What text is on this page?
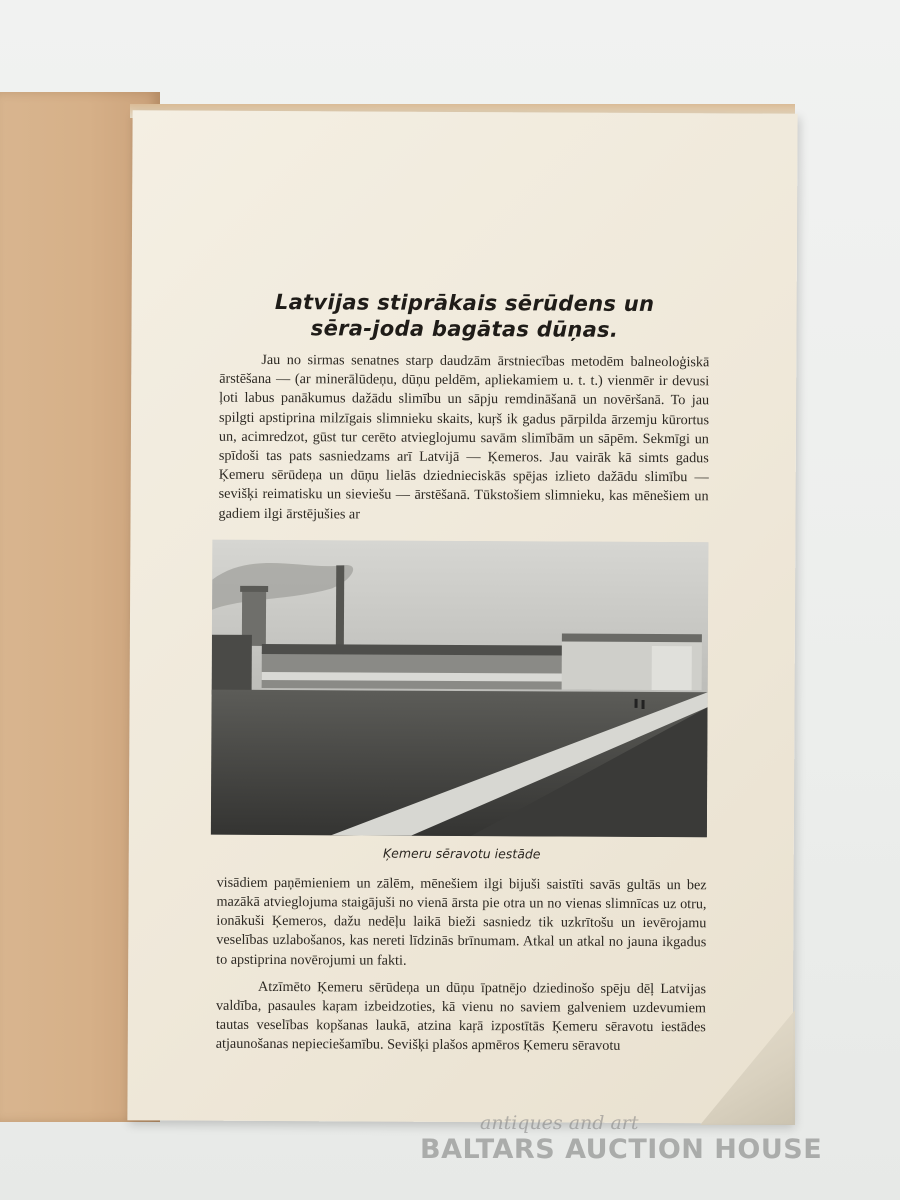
Latvijas stiprākais sērūdens un
sēra-joda bagātas dūņas.

Jau no sirmas senatnes starp daudzām ārstniecības metodēm balneoloģiskā ārstēšana — (ar minerālūdeņu, dūņu peldēm, apliekamiem u. t. t.) vienmēr ir devusi ļoti labus panākumus dažādu slimību un sāpju remdināšanā un novēršanā. To jau spilgti apstiprina milzīgais slimnieku skaits, kuŗš ik gadus pārpilda ārzemju kūrortus un, acimredzot, gūst tur cerēto atvieglojumu savām slimībām un sāpēm. Sekmīgi un spīdoši tas pats sasniedzams arī Latvijā — Ķemeros. Jau vairāk kā simts gadus Ķemeru sērūdeņa un dūņu lielās dziednieciskās spējas izlieto dažādu slimību — sevišķi reimatisku un sieviešu — ārstēšanā. Tūkstošiem slimnieku, kas mēnešiem un gadiem ilgi ārstējušies ar

Ķemeru sēravotu iestāde

visādiem paņēmieniem un zālēm, mēnešiem ilgi bijuši saistīti savās gultās un bez mazākā atvieglojuma staigājuši no vienā ārsta pie otra un no vienas slimnīcas uz otru, ionākuši Ķemeros, dažu nedēļu laikā bieži sasniedz tik uzkrītošu un ievērojamu veselības uzlabošanos, kas nereti līdzinās brīnumam. Atkal un atkal no jauna ikgadus to apstiprina novērojumi un fakti.

Atzīmēto Ķemeru sērūdeņa un dūņu īpatnējo dziedinošo spēju dēļ Latvijas valdība, pasaules kaŗam izbeidzoties, kā vienu no saviem galveniem uzdevumiem tautas veselības kopšanas laukā, atzina kaŗā izpostītās Ķemeru sēravotu iestādes atjaunošanas nepieciešamību. Sevišķi plašos apmēros Ķemeru sēravotu

antiques and art
BALTARS AUCTION HOUSE
